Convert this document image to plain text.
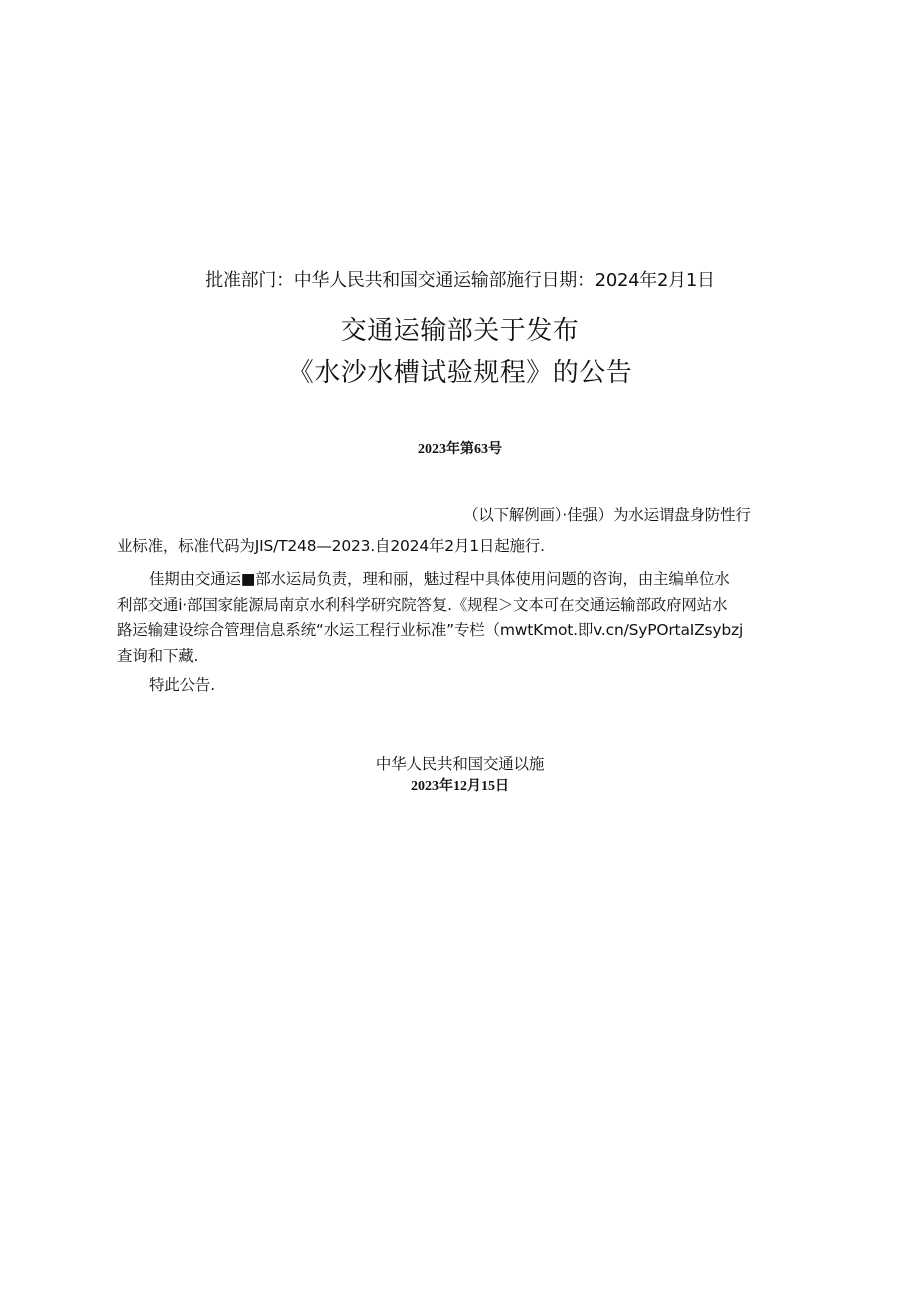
批准部门：中华人民共和国交通运输部施行日期：2024年2月1日
交通运输部关于发布
《水沙水槽试验规程》的公告
2023年第63号
（以下解例画）·佳强）为水运谓盘身防性行
业标准，标准代码为JIS/T248—2023.自2024年2月1日起施行.
佳期由交通运■部水运局负责，理和丽，魅过程中具体使用问题的咨询，由主编单位水
利部交通i·部国家能源局南京水利科学研究院答复.《规程＞文本可在交通运输部政府网站水
路运输建设综合管理信息系统“水运工程行业标准”专栏（mwtKmot.即v.cn/SyPOrtaIZsybzj
查询和下藏.
特此公告.
中华人民共和国交通以施
2023年12月15日
